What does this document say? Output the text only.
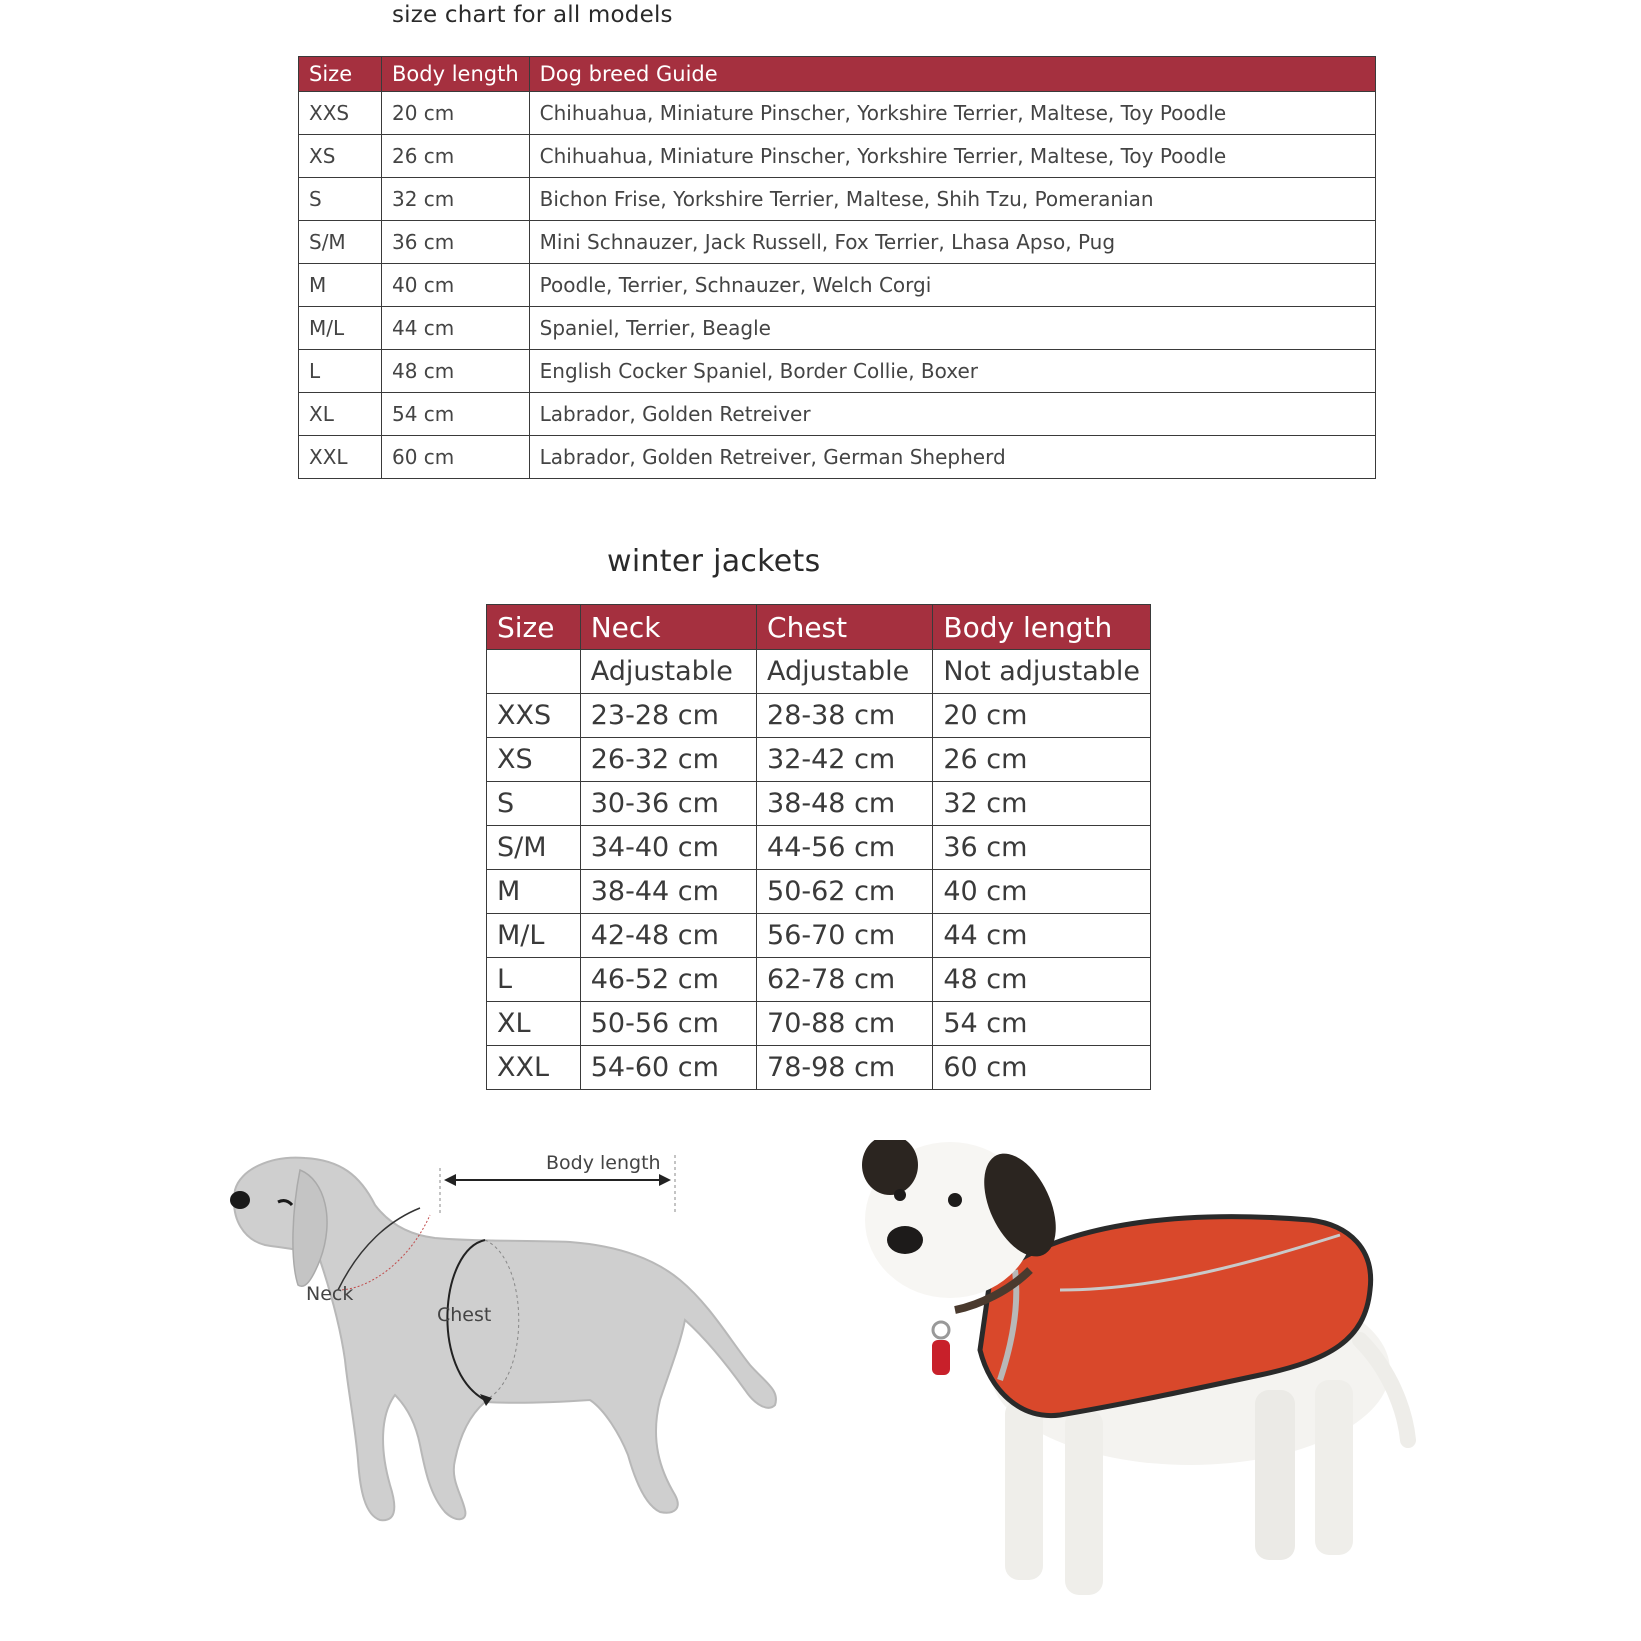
size chart for all models
Size	Body length	Dog breed Guide
XXS	20 cm	Chihuahua, Miniature Pinscher, Yorkshire Terrier, Maltese, Toy Poodle
XS	26 cm	Chihuahua, Miniature Pinscher, Yorkshire Terrier, Maltese, Toy Poodle
S	32 cm	Bichon Frise, Yorkshire Terrier, Maltese, Shih Tzu, Pomeranian
S/M	36 cm	Mini Schnauzer, Jack Russell, Fox Terrier, Lhasa Apso, Pug
M	40 cm	Poodle, Terrier, Schnauzer, Welch Corgi
M/L	44 cm	Spaniel, Terrier, Beagle
L	48 cm	English Cocker Spaniel, Border Collie, Boxer
XL	54 cm	Labrador, Golden Retreiver
XXL	60 cm	Labrador, Golden Retreiver, German Shepherd
winter jackets
Size	Neck	Chest	Body length
	Adjustable	Adjustable	Not adjustable
XXS	23-28 cm	28-38 cm	20 cm
XS	26-32 cm	32-42 cm	26 cm
S	30-36 cm	38-48 cm	32 cm
S/M	34-40 cm	44-56 cm	36 cm
M	38-44 cm	50-62 cm	40 cm
M/L	42-48 cm	56-70 cm	44 cm
L	46-52 cm	62-78 cm	48 cm
XL	50-56 cm	70-88 cm	54 cm
XXL	54-60 cm	78-98 cm	60 cm
Body length
Neck
Chest
